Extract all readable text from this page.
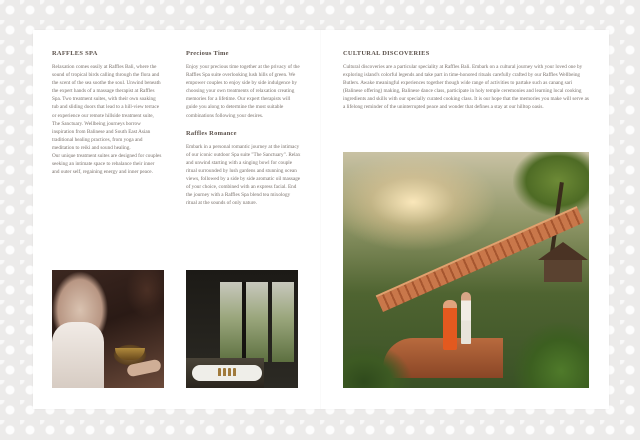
RAFFLES SPA

Relaxation comes easily at Raffles Bali, where the sound of tropical birds calling through the flora and the scent of the sea soothe the soul. Unwind beneath the expert hands of a massage therapist at Raffles Spa. Two treatment suites, with their own soaking tub and sliding doors that lead to a hill-view terrace or experience our remote hillside treatment suite, The Sanctuary. Wellbeing journeys borrow inspiration from Balinese and South East Asian traditional healing practices, from yoga and meditation to reiki and sound healing.

Our unique treatment suites are designed for couples seeking an intimate space to rebalance their inner and outer self, regaining energy and inner peace.

Precious Time

Enjoy your precious time together at the privacy of the Raffles Spa suite overlooking lush hills of green. We empower couples to enjoy side by side indulgence by choosing your own treatments of relaxation creating memories for a lifetime. Our expert therapists will guide you along to determine the most suitable combinations following your desires.

Raffles Romance

Embark in a personal romantic journey at the intimacy of our iconic outdoor Spa suite "The Sanctuary". Relax and unwind starting with a singing bowl for couple ritual surrounded by lush gardens and stunning ocean views, followed by a side by side aromatic oil massage of your choice, combined with an express facial. End the journey with a Raffles Spa blend tea mixology ritual at the sounds of only nature.

CULTURAL DISCOVERIES

Cultural discoveries are a particular speciality at Raffles Bali. Embark on a cultural journey with your loved one by exploring island's colorful legends and take part in time-honored rituals carefully crafted by our Raffles Wellbeing Butlers. Awake meaningful experiences together though wide range of activities to partake such as canang sari (Balinese offering) making, Balinese dance class, participate in holy temple ceremonies and learning local cooking ingredients and skills with our specially curated cooking class. It is our hope that the memories you make will serve as a lifelong reminder of the uninterrupted peace and wonder that defines a stay at our hilltop oasis.
